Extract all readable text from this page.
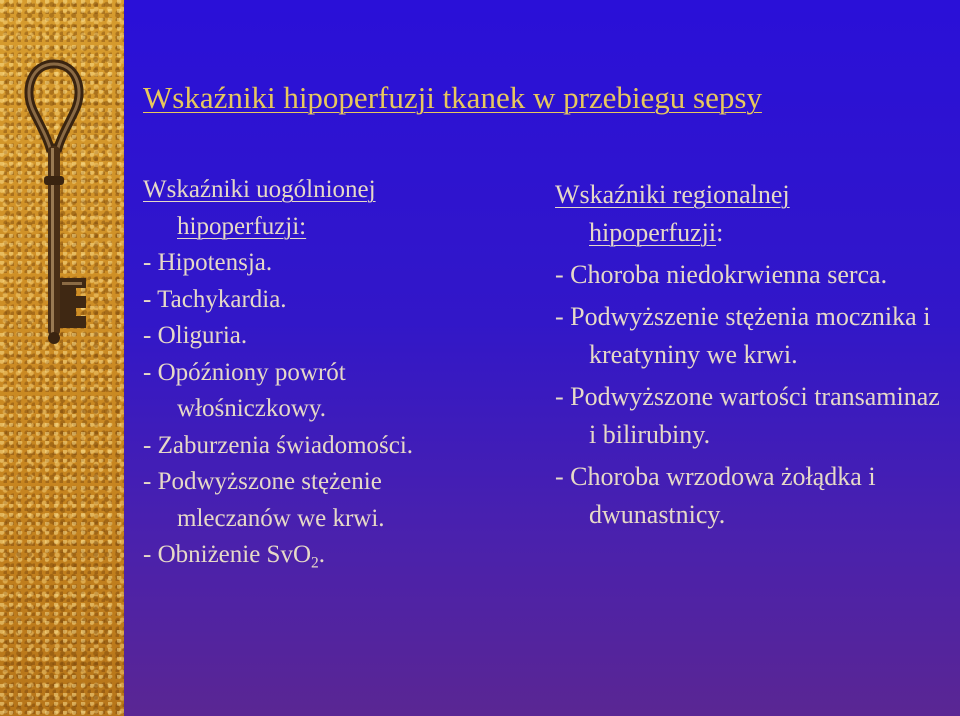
Wskaźniki hipoperfuzji tkanek w przebiegu sepsy

Wskaźniki uogólnionej
hipoperfuzji:

- Hipotensja.

- Tachykardia.

- Oliguria.

- Opóźniony powrót włośniczkowy.

- Zaburzenia świadomości.

- Podwyższone stężenie mleczanów we krwi.

- Obniżenie SvO$_2$.

Wskaźniki regionalnej
hipoperfuzji:

- Choroba niedokrwienna serca.

- Podwyższenie stężenia mocznika i kreatyniny we krwi.

- Podwyższone wartości transaminaz i bilirubiny.

- Choroba wrzodowa żołądka i dwunastnicy.
